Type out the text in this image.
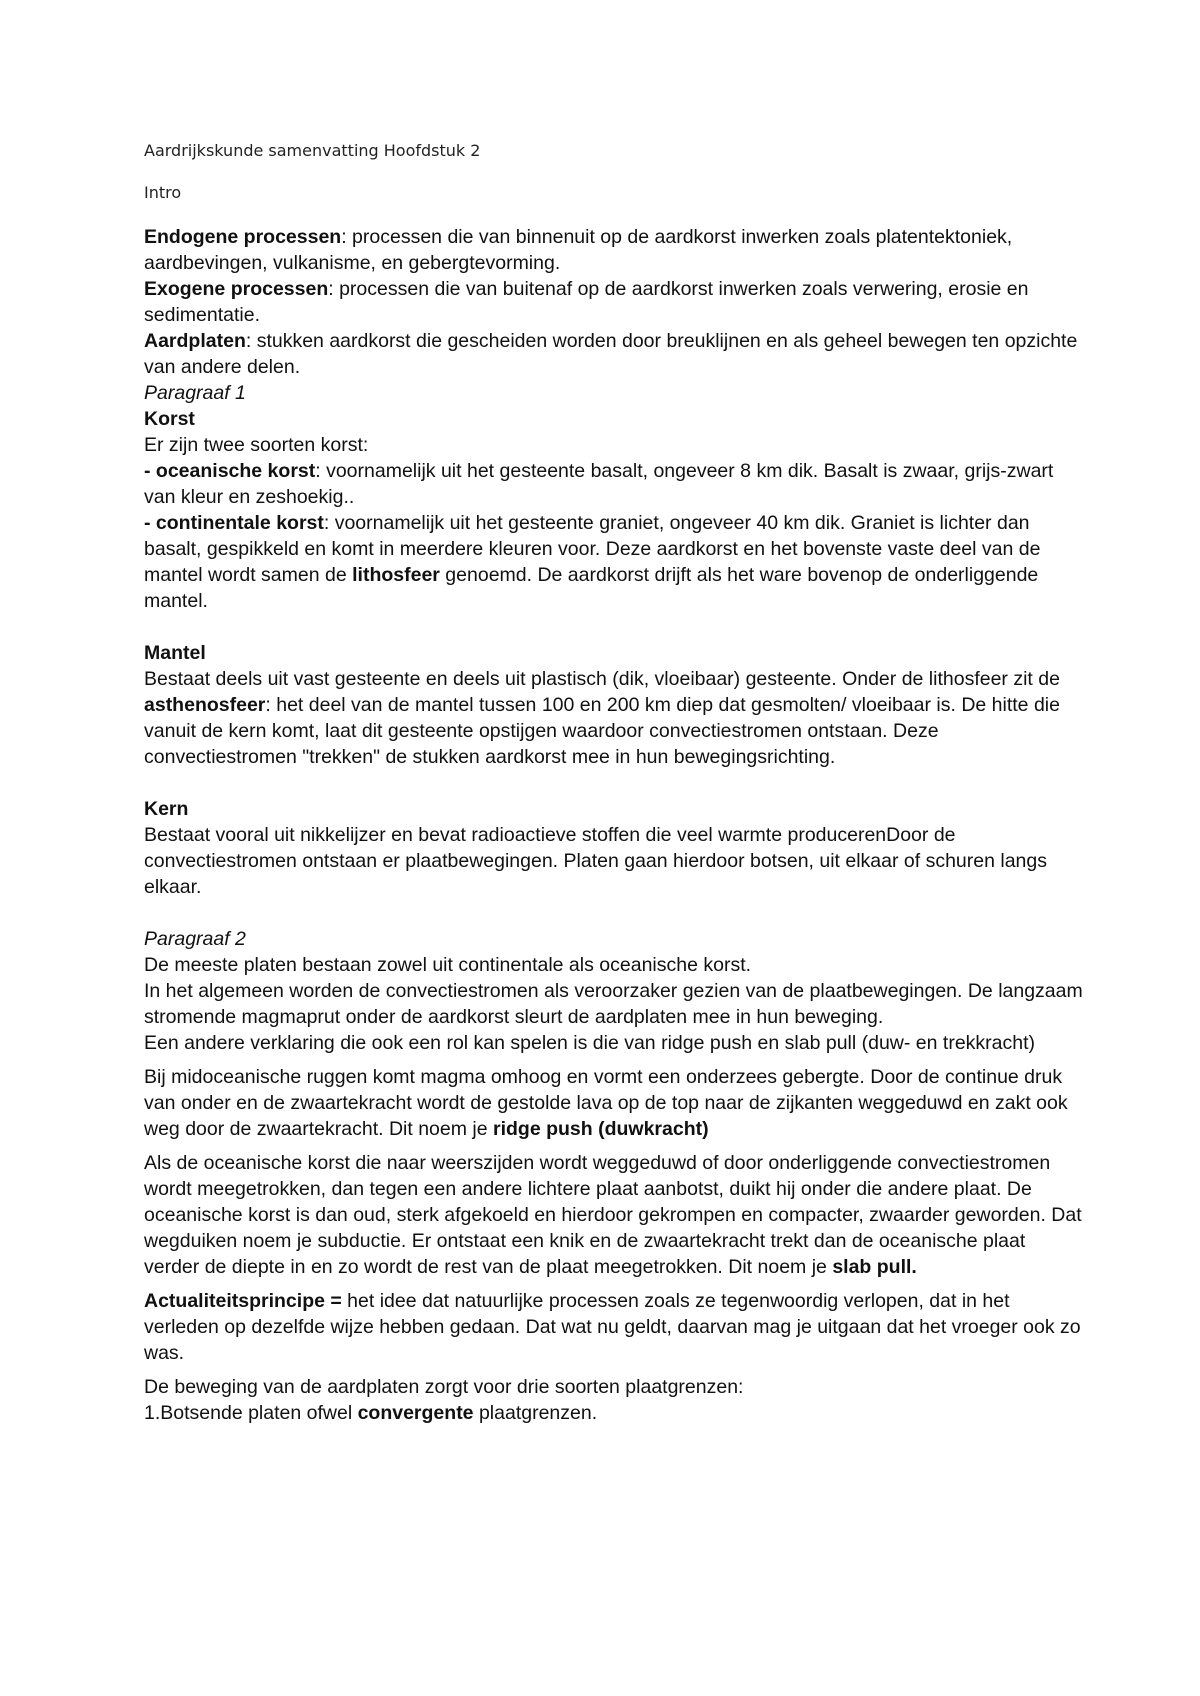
Aardrijkskunde samenvatting Hoofdstuk 2
Intro

Endogene processen: processen die van binnenuit op de aardkorst inwerken zoals platentektoniek, aardbevingen, vulkanisme, en gebergtevorming.

Exogene processen: processen die van buitenaf op de aardkorst inwerken zoals verwering, erosie en sedimentatie.

Aardplaten: stukken aardkorst die gescheiden worden door breuklijnen en als geheel bewegen ten opzichte van andere delen.

Paragraaf 1

Korst

Er zijn twee soorten korst:

- oceanische korst: voornamelijk uit het gesteente basalt, ongeveer 8 km dik. Basalt is zwaar, grijs-zwart van kleur en zeshoekig..

- continentale korst: voornamelijk uit het gesteente graniet, ongeveer 40 km dik. Graniet is lichter dan basalt, gespikkeld en komt in meerdere kleuren voor. Deze aardkorst en het bovenste vaste deel van de mantel wordt samen de lithosfeer genoemd. De aardkorst drijft als het ware bovenop de onderliggende mantel.

Mantel

Bestaat deels uit vast gesteente en deels uit plastisch (dik, vloeibaar) gesteente. Onder de lithosfeer zit de asthenosfeer: het deel van de mantel tussen 100 en 200 km diep dat gesmolten/ vloeibaar is. De hitte die vanuit de kern komt, laat dit gesteente opstijgen waardoor convectiestromen ontstaan. Deze convectiestromen "trekken" de stukken aardkorst mee in hun bewegingsrichting.

Kern

Bestaat vooral uit nikkelijzer en bevat radioactieve stoffen die veel warmte producerenDoor de convectiestromen ontstaan er plaatbewegingen. Platen gaan hierdoor botsen, uit elkaar of schuren langs elkaar.

Paragraaf 2

De meeste platen bestaan zowel uit continentale als oceanische korst.

In het algemeen worden de convectiestromen als veroorzaker gezien van de plaatbewegingen. De langzaam stromende magmaprut onder de aardkorst sleurt de aardplaten mee in hun beweging.

Een andere verklaring die ook een rol kan spelen is die van ridge push en slab pull (duw- en trekkracht)

Bij midoceanische ruggen komt magma omhoog en vormt een onderzees gebergte. Door de continue druk van onder en de zwaartekracht wordt de gestolde lava op de top naar de zijkanten weggeduwd en zakt ook weg door de zwaartekracht. Dit noem je ridge push (duwkracht)

Als de oceanische korst die naar weerszijden wordt weggeduwd of door onderliggende convectiestromen wordt meegetrokken, dan tegen een andere lichtere plaat aanbotst, duikt hij onder die andere plaat. De oceanische korst is dan oud, sterk afgekoeld en hierdoor gekrompen en compacter, zwaarder geworden. Dat wegduiken noem je subductie. Er ontstaat een knik en de zwaartekracht trekt dan de oceanische plaat verder de diepte in en zo wordt de rest van de plaat meegetrokken. Dit noem je slab pull.

Actualiteitsprincipe = het idee dat natuurlijke processen zoals ze tegenwoordig verlopen, dat in het verleden op dezelfde wijze hebben gedaan. Dat wat nu geldt, daarvan mag je uitgaan dat het vroeger ook zo was.

De beweging van de aardplaten zorgt voor drie soorten plaatgrenzen:

1.Botsende platen ofwel convergente plaatgrenzen.
